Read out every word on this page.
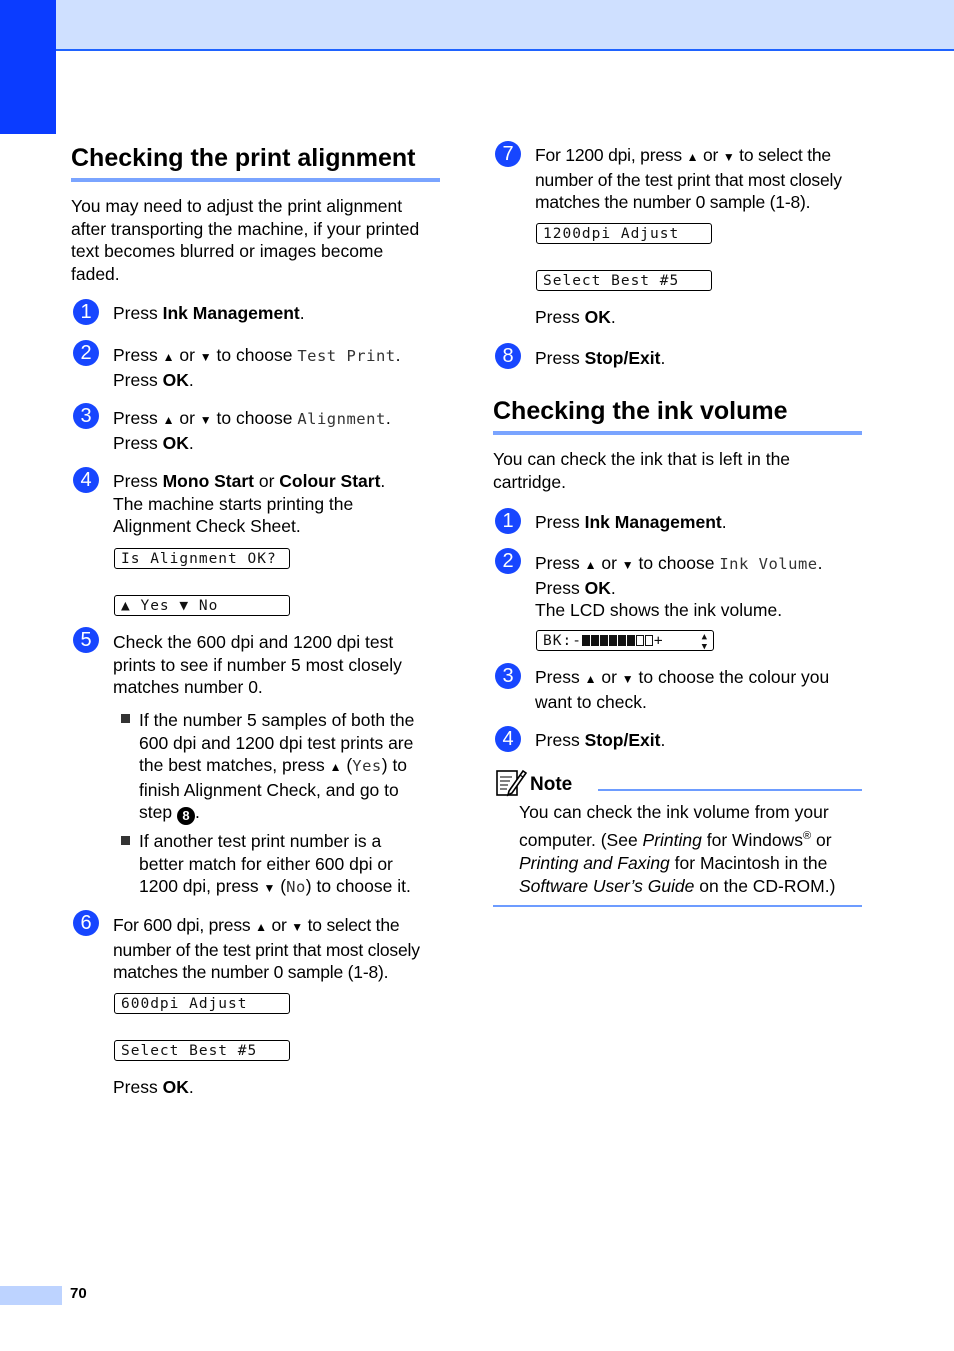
70
Checking the print alignment
You may need to adjust the print alignment
after transporting the machine, if your printed
text becomes blurred or images become
faded.
1	Press Ink Management.
2	Press ▲ or ▼ to choose Test Print.
Press OK.
3	Press ▲ or ▼ to choose Alignment.
Press OK.
4	Press Mono Start or Colour Start.
The machine starts printing the
Alignment Check Sheet.
Is Alignment OK?
▲ Yes ▼ No
5	Check the 600 dpi and 1200 dpi test
prints to see if number 5 most closely
matches number 0.
If the number 5 samples of both the
600 dpi and 1200 dpi test prints are
the best matches, press ▲ (Yes) to
finish Alignment Check, and go to
step 8 .
If another test print number is a
better match for either 600 dpi or
1200 dpi, press ▼ (No) to choose it.
6	For 600 dpi, press ▲ or ▼ to select the
number of the test print that most closely
matches the number 0 sample (1-8).
600dpi Adjust
Select Best #5
Press OK.
7	For 1200 dpi, press ▲ or ▼ to select the
number of the test print that most closely
matches the number 0 sample (1-8).
1200dpi Adjust
Select Best #5
Press OK.
8	Press Stop/Exit.
Checking the ink volume
You can check the ink that is left in the
cartridge.
1	Press Ink Management.
2	Press ▲ or ▼ to choose Ink Volume.
Press OK.
The LCD shows the ink volume.
BK:-	+	▲
▼
3	Press ▲ or ▼ to choose the colour you
want to check.
4	Press Stop/Exit.
Note
You can check the ink volume from your
computer. (See Printing for Windows® or
Printing and Faxing for Macintosh in the
Software User’s Guide on the CD-ROM.)
